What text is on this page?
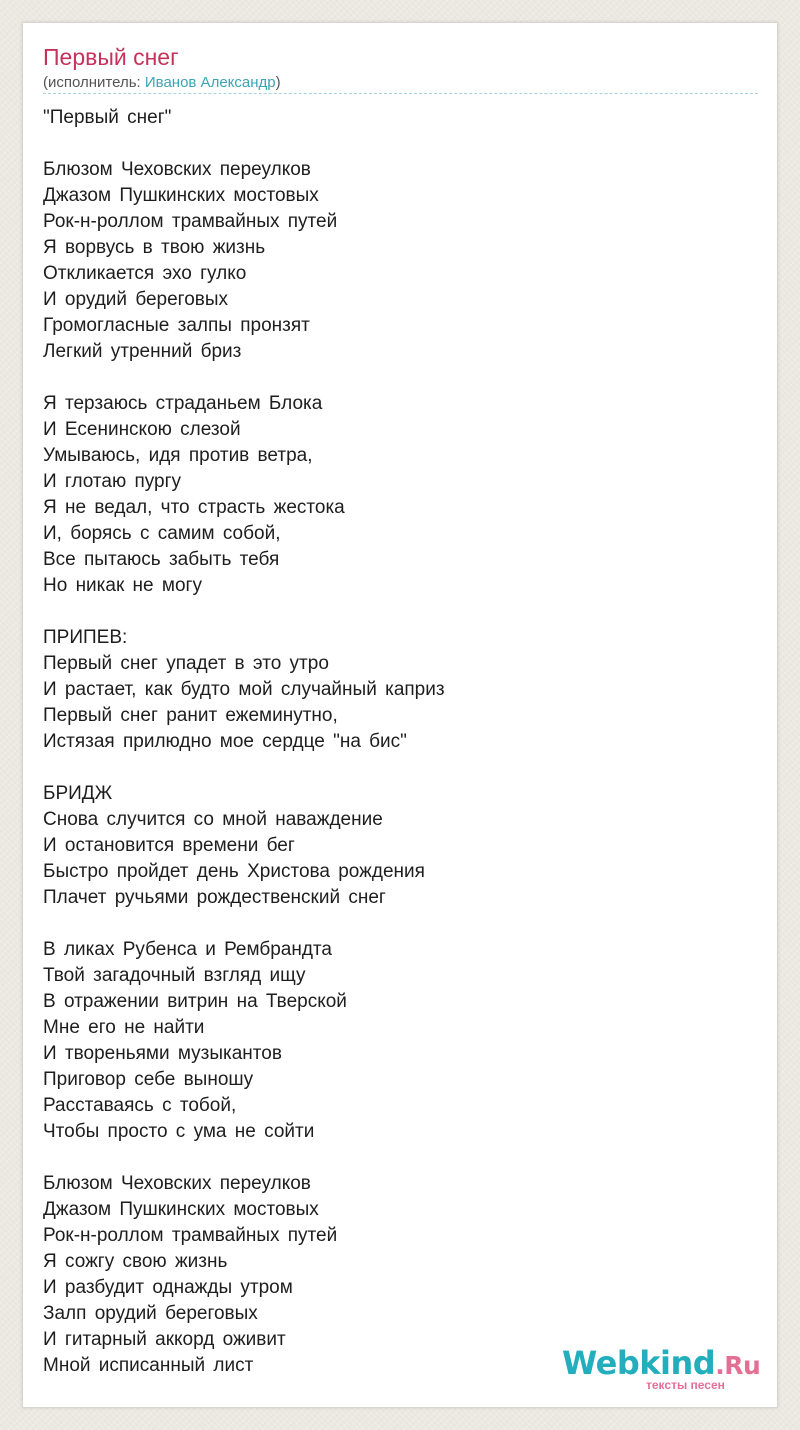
Первый снег
(исполнитель: Иванов Александр)
"Первый снег"
Блюзом Чеховских переулков
Джазом Пушкинских мостовых
Рок-н-роллом трамвайных путей
Я ворвусь в твою жизнь
Откликается эхо гулко
И орудий береговых
Громогласные залпы пронзят
Легкий утренний бриз
Я терзаюсь страданьем Блока
И Есенинскою слезой
Умываюсь, идя против ветра,
И глотаю пургу
Я не ведал, что страсть жестока
И, борясь с самим собой,
Все пытаюсь забыть тебя
Но никак не могу
ПРИПЕВ:
Первый снег упадет в это утро
И растает, как будто мой случайный каприз
Первый снег ранит ежеминутно,
Истязая прилюдно мое сердце "на бис"
БРИДЖ
Снова случится со мной наваждение
И остановится времени бег
Быстро пройдет день Христова рождения
Плачет ручьями рождественский снег
В ликах Рубенса и Рембрандта
Твой загадочный взгляд ищу
В отражении витрин на Тверской
Мне его не найти
И твореньями музыкантов
Приговор себе выношу
Расставаясь с тобой,
Чтобы просто с ума не сойти
Блюзом Чеховских переулков
Джазом Пушкинских мостовых
Рок-н-роллом трамвайных путей
Я сожгу свою жизнь
И разбудит однажды утром
Залп орудий береговых
И гитарный аккорд оживит
Мной исписанный лист	Webkind.Ru
тексты песен
